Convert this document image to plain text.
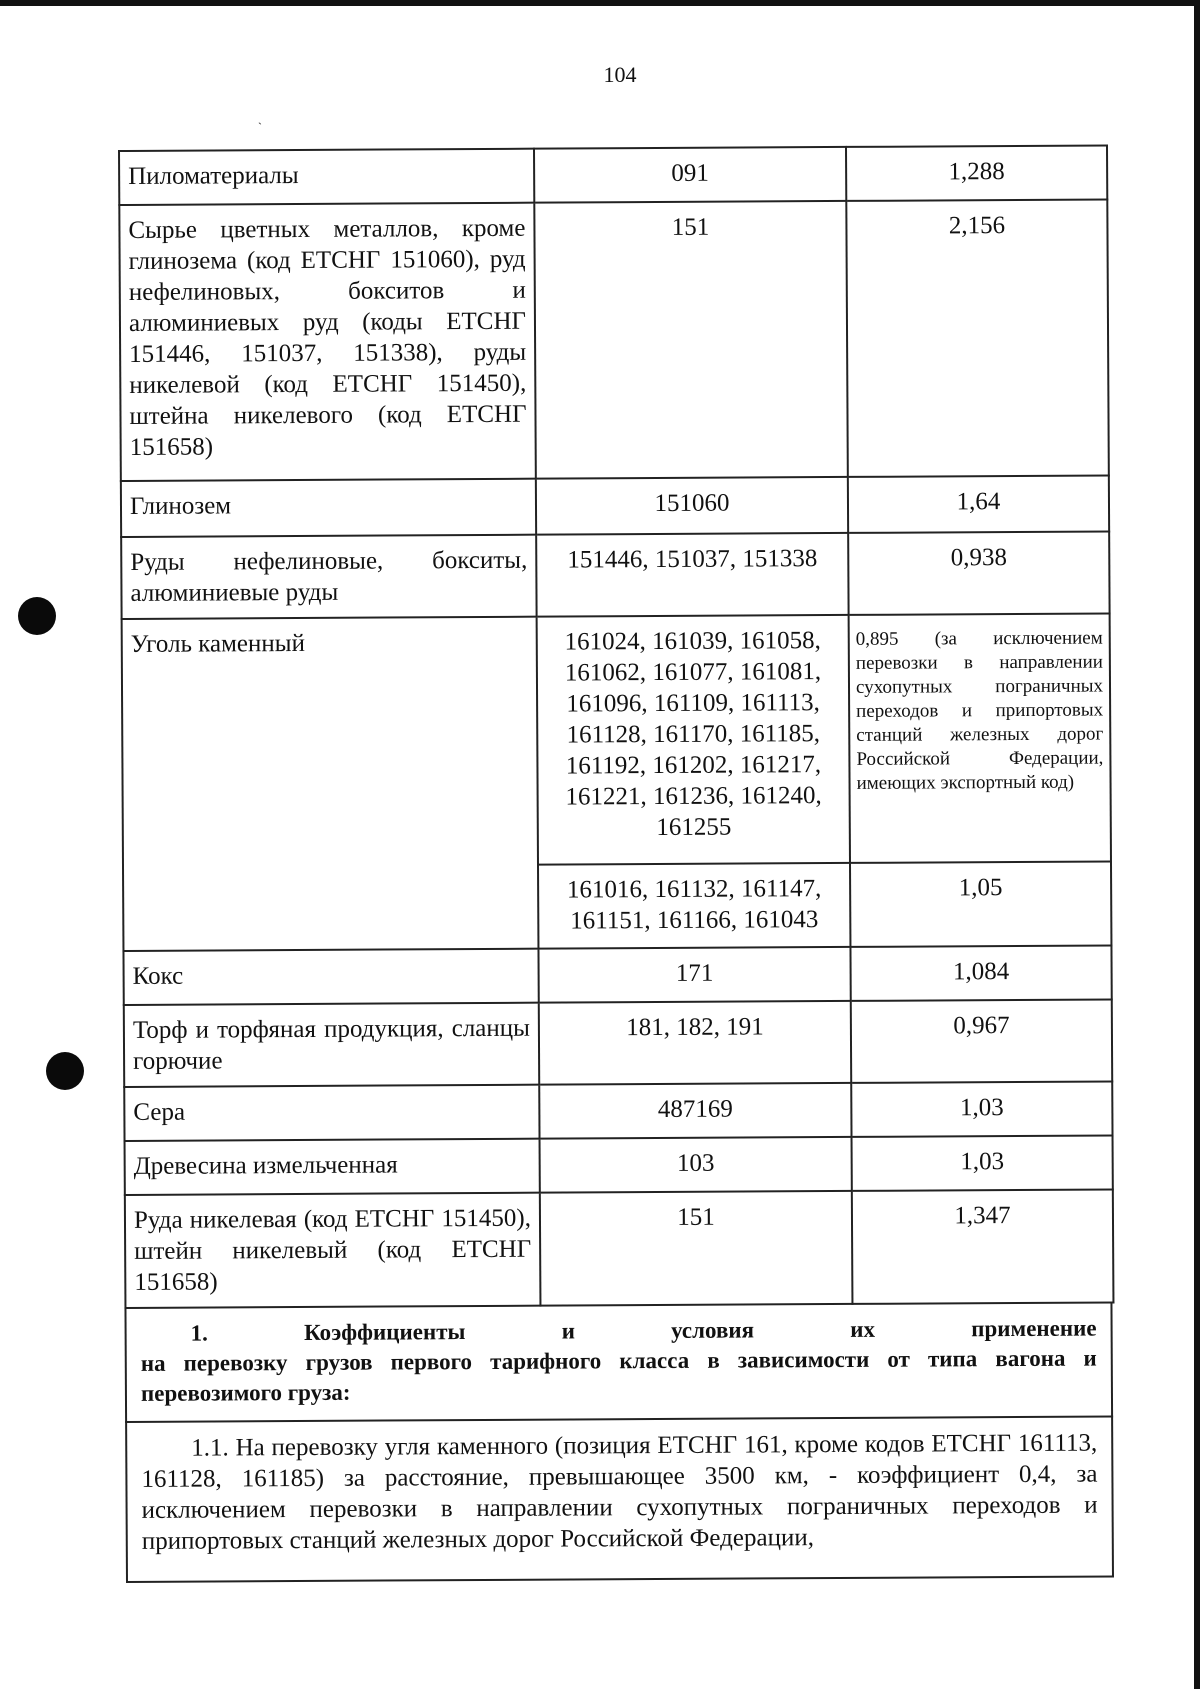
104
`
Пиломатериалы	091	1,288
Сырье цветных металлов, кроме глинозема (код ЕТСНГ 151060), руд нефелиновых, бокситов и алюминиевых руд (коды ЕТСНГ 151446, 151037, 151338), руды никелевой (код ЕТСНГ 151450), штейна никелевого (код ЕТСНГ 151658)	151	2,156
Глинозем	151060	1,64
Руды нефелиновые, бокситы, алюминиевые руды	151446, 151037, 151338	0,938
Уголь каменный	161024, 161039, 161058, 161062, 161077, 161081, 161096, 161109, 161113, 161128, 161170, 161185, 161192, 161202, 161217, 161221, 161236, 161240, 161255	0,895 (за исключением перевозки в направлении сухопутных пограничных переходов и припортовых станций железных дорог Российской Федерации, имеющих экспортный код)
	161016, 161132, 161147, 161151, 161166, 161043	1,05
Кокс	171	1,084
Торф и торфяная продукция, сланцы горючие	181, 182, 191	0,967
Сера	487169	1,03
Древесина измельченная	103	1,03
Руда никелевая (код ЕТСНГ 151450), штейн никелевый (код ЕТСНГ 151658)	151	1,347
1.	Коэффициенты	и	условия	их	применение
на перевозку грузов первого тарифного класса в зависимости от типа вагона и перевозимого груза:
1.1. На перевозку угля каменного (позиция ЕТСНГ 161, кроме кодов ЕТСНГ 161113, 161128, 161185) за расстояние, превышающее 3500 км, - коэффициент 0,4, за исключением перевозки в направлении сухопутных пограничных переходов и припортовых станций железных дорог Российской Федерации,
